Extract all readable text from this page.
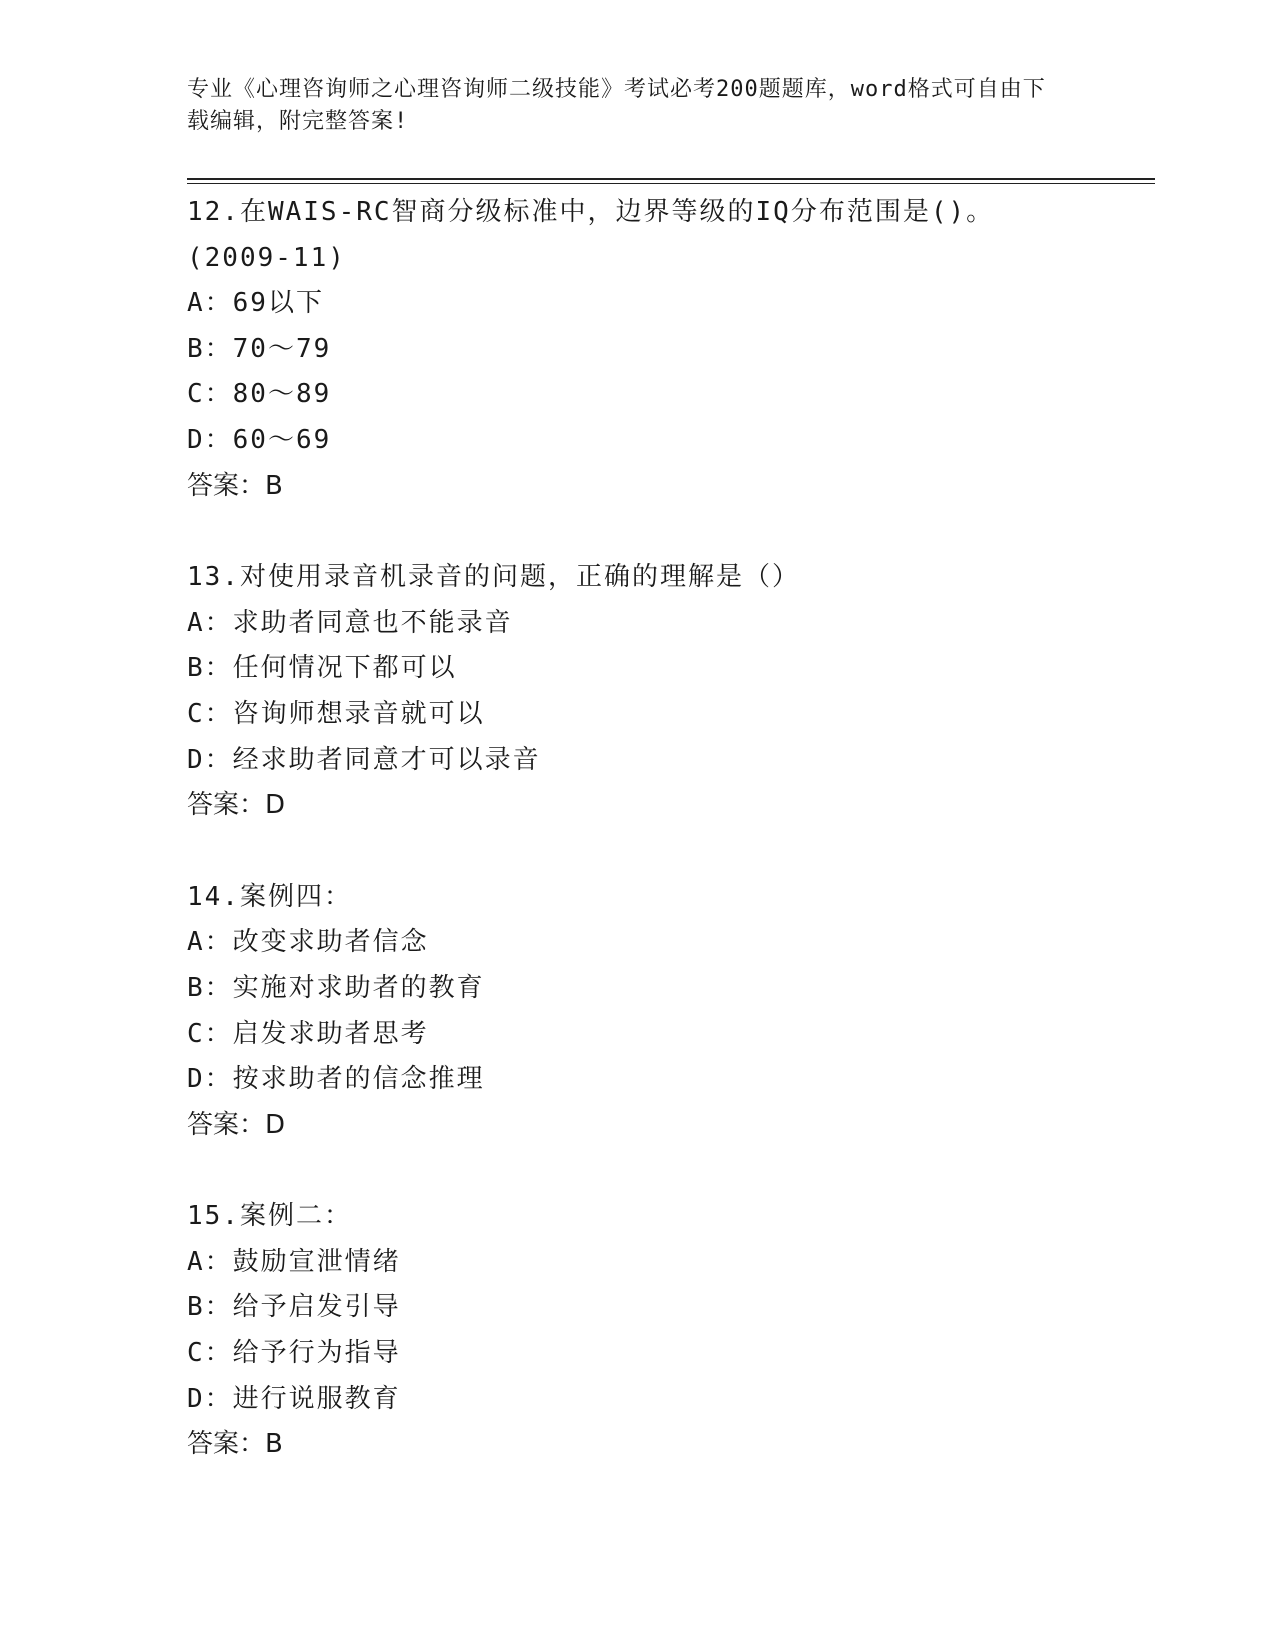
专业《心理咨询师之心理咨询师二级技能》考试必考200题题库，word格式可自由下载编辑，附完整答案!
12.在WAIS-RC智商分级标准中，边界等级的IQ分布范围是()。
(2009-11)
A：69以下
B：70～79
C：80～89
D：60～69
答案：B
13.对使用录音机录音的问题，正确的理解是（）
A：求助者同意也不能录音
B：任何情况下都可以
C：咨询师想录音就可以
D：经求助者同意才可以录音
答案：D
14.案例四：
A：改变求助者信念
B：实施对求助者的教育
C：启发求助者思考
D：按求助者的信念推理
答案：D
15.案例二：
A：鼓励宣泄情绪
B：给予启发引导
C：给予行为指导
D：进行说服教育
答案：B
